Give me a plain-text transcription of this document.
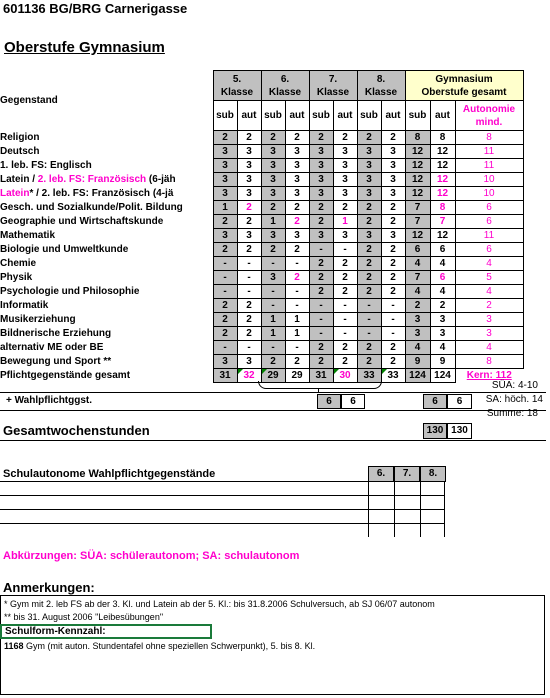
601136 BG/BRG Carnerigasse
Oberstufe Gymnasium
Gegenstand	5.
Klasse		6.
Klasse		7.
Klasse		8.
Klasse		Gymnasium
Oberstufe gesamt			
	sub	aut	sub	aut	sub	aut	sub	aut	sub	aut	Autonomie
mind.	
Religion	2	2	2	2	2	2	2	2	8	8	8	
Deutsch	3	3	3	3	3	3	3	3	12	12	11	
1. leb. FS: Englisch	3	3	3	3	3	3	3	3	12	12	11	
Latein / 2. leb. FS: Französisch (6-jäh	3	3	3	3	3	3	3	3	12	12	10	
Latein* / 2. leb. FS: Französisch (4-jä	3	3	3	3	3	3	3	3	12	12	10	
Gesch. und Sozialkunde/Polit. Bildung	1	2	2	2	2	2	2	2	7	8	6	
Geographie und Wirtschaftskunde	2	2	1	2	2	1	2	2	7	7	6	
Mathematik	3	3	3	3	3	3	3	3	12	12	11	
Biologie und Umweltkunde	2	2	2	2	-	-	2	2	6	6	6	
Chemie	-	-	-	-	2	2	2	2	4	4	4	
Physik	-	-	3	2	2	2	2	2	7	6	5	
Psychologie und Philosophie	-	-	-	-	2	2	2	2	4	4	4	
Informatik	2	2	-	-	-	-	-	-	2	2	2	
Musikerziehung	2	2	1	1	-	-	-	-	3	3	3	
Bildnerische Erziehung	2	2	1	1	-	-	-	-	3	3	3	
alternativ ME oder BE	-	-	-	-	2	2	2	2	4	4	4	
Bewegung und Sport **	3	3	2	2	2	2	2	2	9	9	8	
Pflichtgegenstände gesamt	31	32	29	29	31	30	33	33	124	124	Kern: 112	
SÜA: 4-10
SA: höch. 14
Summe: 18
+ Wahlpflichtggst.	6	6	6	6
Gesamtwochenstunden	130 130
Schulautonome Wahlpflichtgegenstände	6.	7.	8.
Abkürzungen: SÜA: schülerautonom; SA: schulautonom
Anmerkungen:
* Gym mit 2. leb FS ab der 3. Kl. und Latein ab der 5. Kl.: bis 31.8.2006 Schulversuch, ab SJ 06/07 autonom
** bis 31. August 2006 "Leibesübungen"
Schulform-Kennzahl:
1168 Gym (mit auton. Stundentafel ohne speziellen Schwerpunkt), 5. bis 8. Kl.
